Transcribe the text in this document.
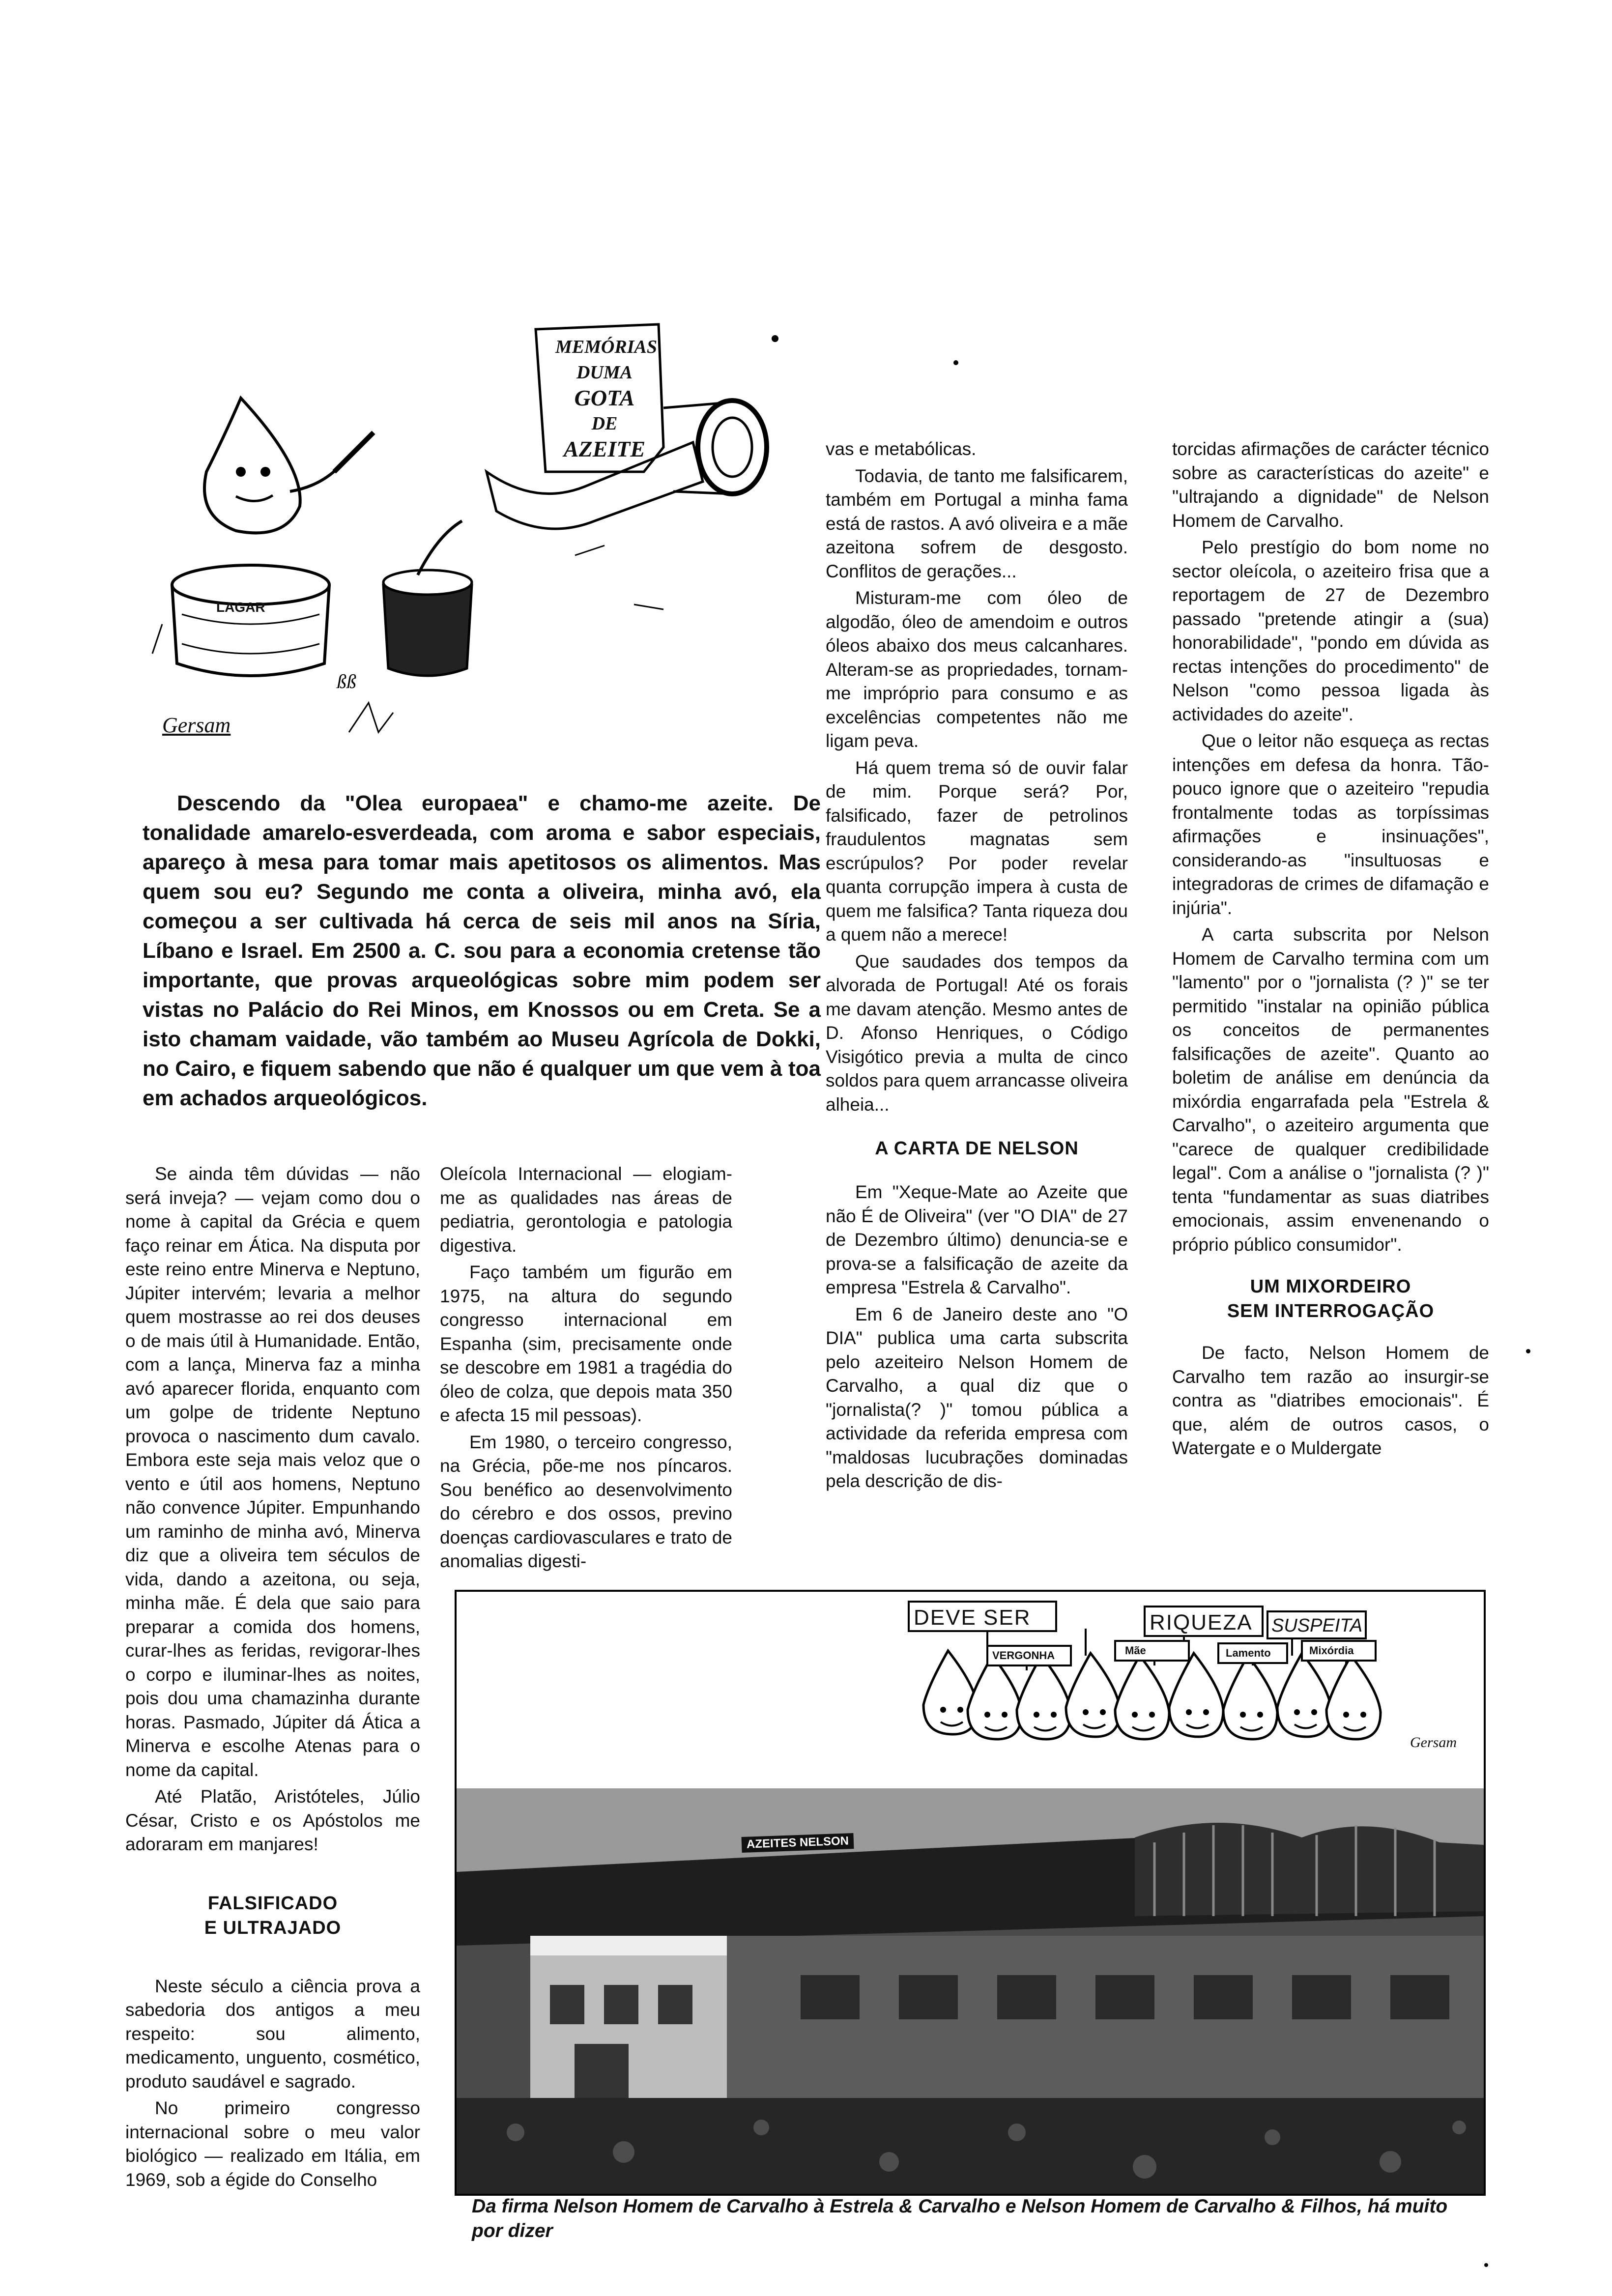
ßß
MEMÓRIAS
DUMA
GOTA
DE
AZEITE
LAGAR
Gersam

Descendo da "Olea europaea" e chamo-me azeite. De tonalidade amarelo-esverdeada, com aroma e sabor especiais, apareço à mesa para tomar mais apetitosos os alimentos. Mas quem sou eu? Segundo me conta a oliveira, minha avó, ela começou a ser cultivada há cerca de seis mil anos na Síria, Líbano e Israel. Em 2500 a. C. sou para a economia cretense tão importante, que provas arqueológicas sobre mim podem ser vistas no Palácio do Rei Minos, em Knossos ou em Creta. Se a isto chamam vaidade, vão também ao Museu Agrícola de Dokki, no Cairo, e fiquem sabendo que não é qualquer um que vem à toa em achados arqueológicos.

Se ainda têm dúvidas — não será inveja? — vejam como dou o nome à capital da Grécia e quem faço reinar em Ática. Na disputa por este reino entre Minerva e Neptuno, Júpiter intervém; levaria a melhor quem mostrasse ao rei dos deuses o de mais útil à Humanidade. Então, com a lança, Minerva faz a minha avó aparecer florida, enquanto com um golpe de tridente Neptuno provoca o nascimento dum cavalo. Embora este seja mais veloz que o vento e útil aos homens, Neptuno não convence Júpiter. Empunhando um raminho de minha avó, Minerva diz que a oliveira tem séculos de vida, dando a azeitona, ou seja, minha mãe. É dela que saio para preparar a comida dos homens, curar-lhes as feridas, revigorar-lhes o corpo e iluminar-lhes as noites, pois dou uma chamazinha durante horas. Pasmado, Júpiter dá Ática a Minerva e escolhe Atenas para o nome da capital.

Até Platão, Aristóteles, Júlio César, Cristo e os Apóstolos me adoraram em manjares!

FALSIFICADO
E ULTRAJADO

Neste século a ciência prova a sabedoria dos antigos a meu respeito: sou alimento, medicamento, unguento, cosmético, produto saudável e sagrado.

No primeiro congresso internacional sobre o meu valor biológico — realizado em Itália, em 1969, sob a égide do Conselho

Oleícola Internacional — elogiam-me as qualidades nas áreas de pediatria, gerontologia e patologia digestiva.

Faço também um figurão em 1975, na altura do segundo congresso internacional em Espanha (sim, precisamente onde se descobre em 1981 a tragédia do óleo de colza, que depois mata 350 e afecta 15 mil pessoas).

Em 1980, o terceiro congresso, na Grécia, põe-me nos píncaros. Sou benéfico ao desenvolvimento do cérebro e dos ossos, previno doenças cardiovasculares e trato de anomalias digesti-

vas e metabólicas.

Todavia, de tanto me falsificarem, também em Portugal a minha fama está de rastos. A avó oliveira e a mãe azeitona sofrem de desgosto. Conflitos de gerações...

Misturam-me com óleo de algodão, óleo de amendoim e outros óleos abaixo dos meus calcanhares. Alteram-se as propriedades, tornam-me impróprio para consumo e as excelências competentes não me ligam peva.

Há quem trema só de ouvir falar de mim. Porque será? Por, falsificado, fazer de petrolinos fraudulentos magnatas sem escrúpulos? Por poder revelar quanta corrupção impera à custa de quem me falsifica? Tanta riqueza dou a quem não a merece!

Que saudades dos tempos da alvorada de Portugal! Até os forais me davam atenção. Mesmo antes de D. Afonso Henriques, o Código Visigótico previa a multa de cinco soldos para quem arrancasse oliveira alheia...

A CARTA DE NELSON

Em "Xeque-Mate ao Azeite que não É de Oliveira" (ver "O DIA" de 27 de Dezembro último) denuncia-se e prova-se a falsificação de azeite da empresa "Estrela & Carvalho".

Em 6 de Janeiro deste ano "O DIA" publica uma carta subscrita pelo azeiteiro Nelson Homem de Carvalho, a qual diz que o "jornalista(? )" tomou pública a actividade da referida empresa com "maldosas lucubrações dominadas pela descrição de dis-

torcidas afirmações de carácter técnico sobre as características do azeite" e "ultrajando a dignidade" de Nelson Homem de Carvalho.

Pelo prestígio do bom nome no sector oleícola, o azeiteiro frisa que a reportagem de 27 de Dezembro passado "pretende atingir a (sua) honorabilidade", "pondo em dúvida as rectas intenções do procedimento" de Nelson "como pessoa ligada às actividades do azeite".

Que o leitor não esqueça as rectas intenções em defesa da honra. Tão-pouco ignore que o azeiteiro "repudia frontalmente todas as torpíssimas afirmações e insinuações", considerando-as "insultuosas e integradoras de crimes de difamação e injúria".

A carta subscrita por Nelson Homem de Carvalho termina com um "lamento" por o "jornalista (? )" se ter permitido "instalar na opinião pública os conceitos de permanentes falsificações de azeite". Quanto ao boletim de análise em denúncia da mixórdia engarrafada pela "Estrela & Carvalho", o azeiteiro argumenta que "carece de qualquer credibilidade legal". Com a análise o "jornalista (? )" tenta "fundamentar as suas diatribes emocionais, assim envenenando o próprio público consumidor".

UM MIXORDEIRO
SEM INTERROGAÇÃO

De facto, Nelson Homem de Carvalho tem razão ao insurgir-se contra as "diatribes emocionais". É que, além de outros casos, o Watergate e o Muldergate

DEVE SER	RIQUEZA SUSPEITA
VERGONHA	Mãe	Lamento	Mixórdia
Gersam
AZEITES NELSON
Da firma Nelson Homem de Carvalho à Estrela & Carvalho e Nelson Homem de Carvalho & Filhos, há muito por dizer
